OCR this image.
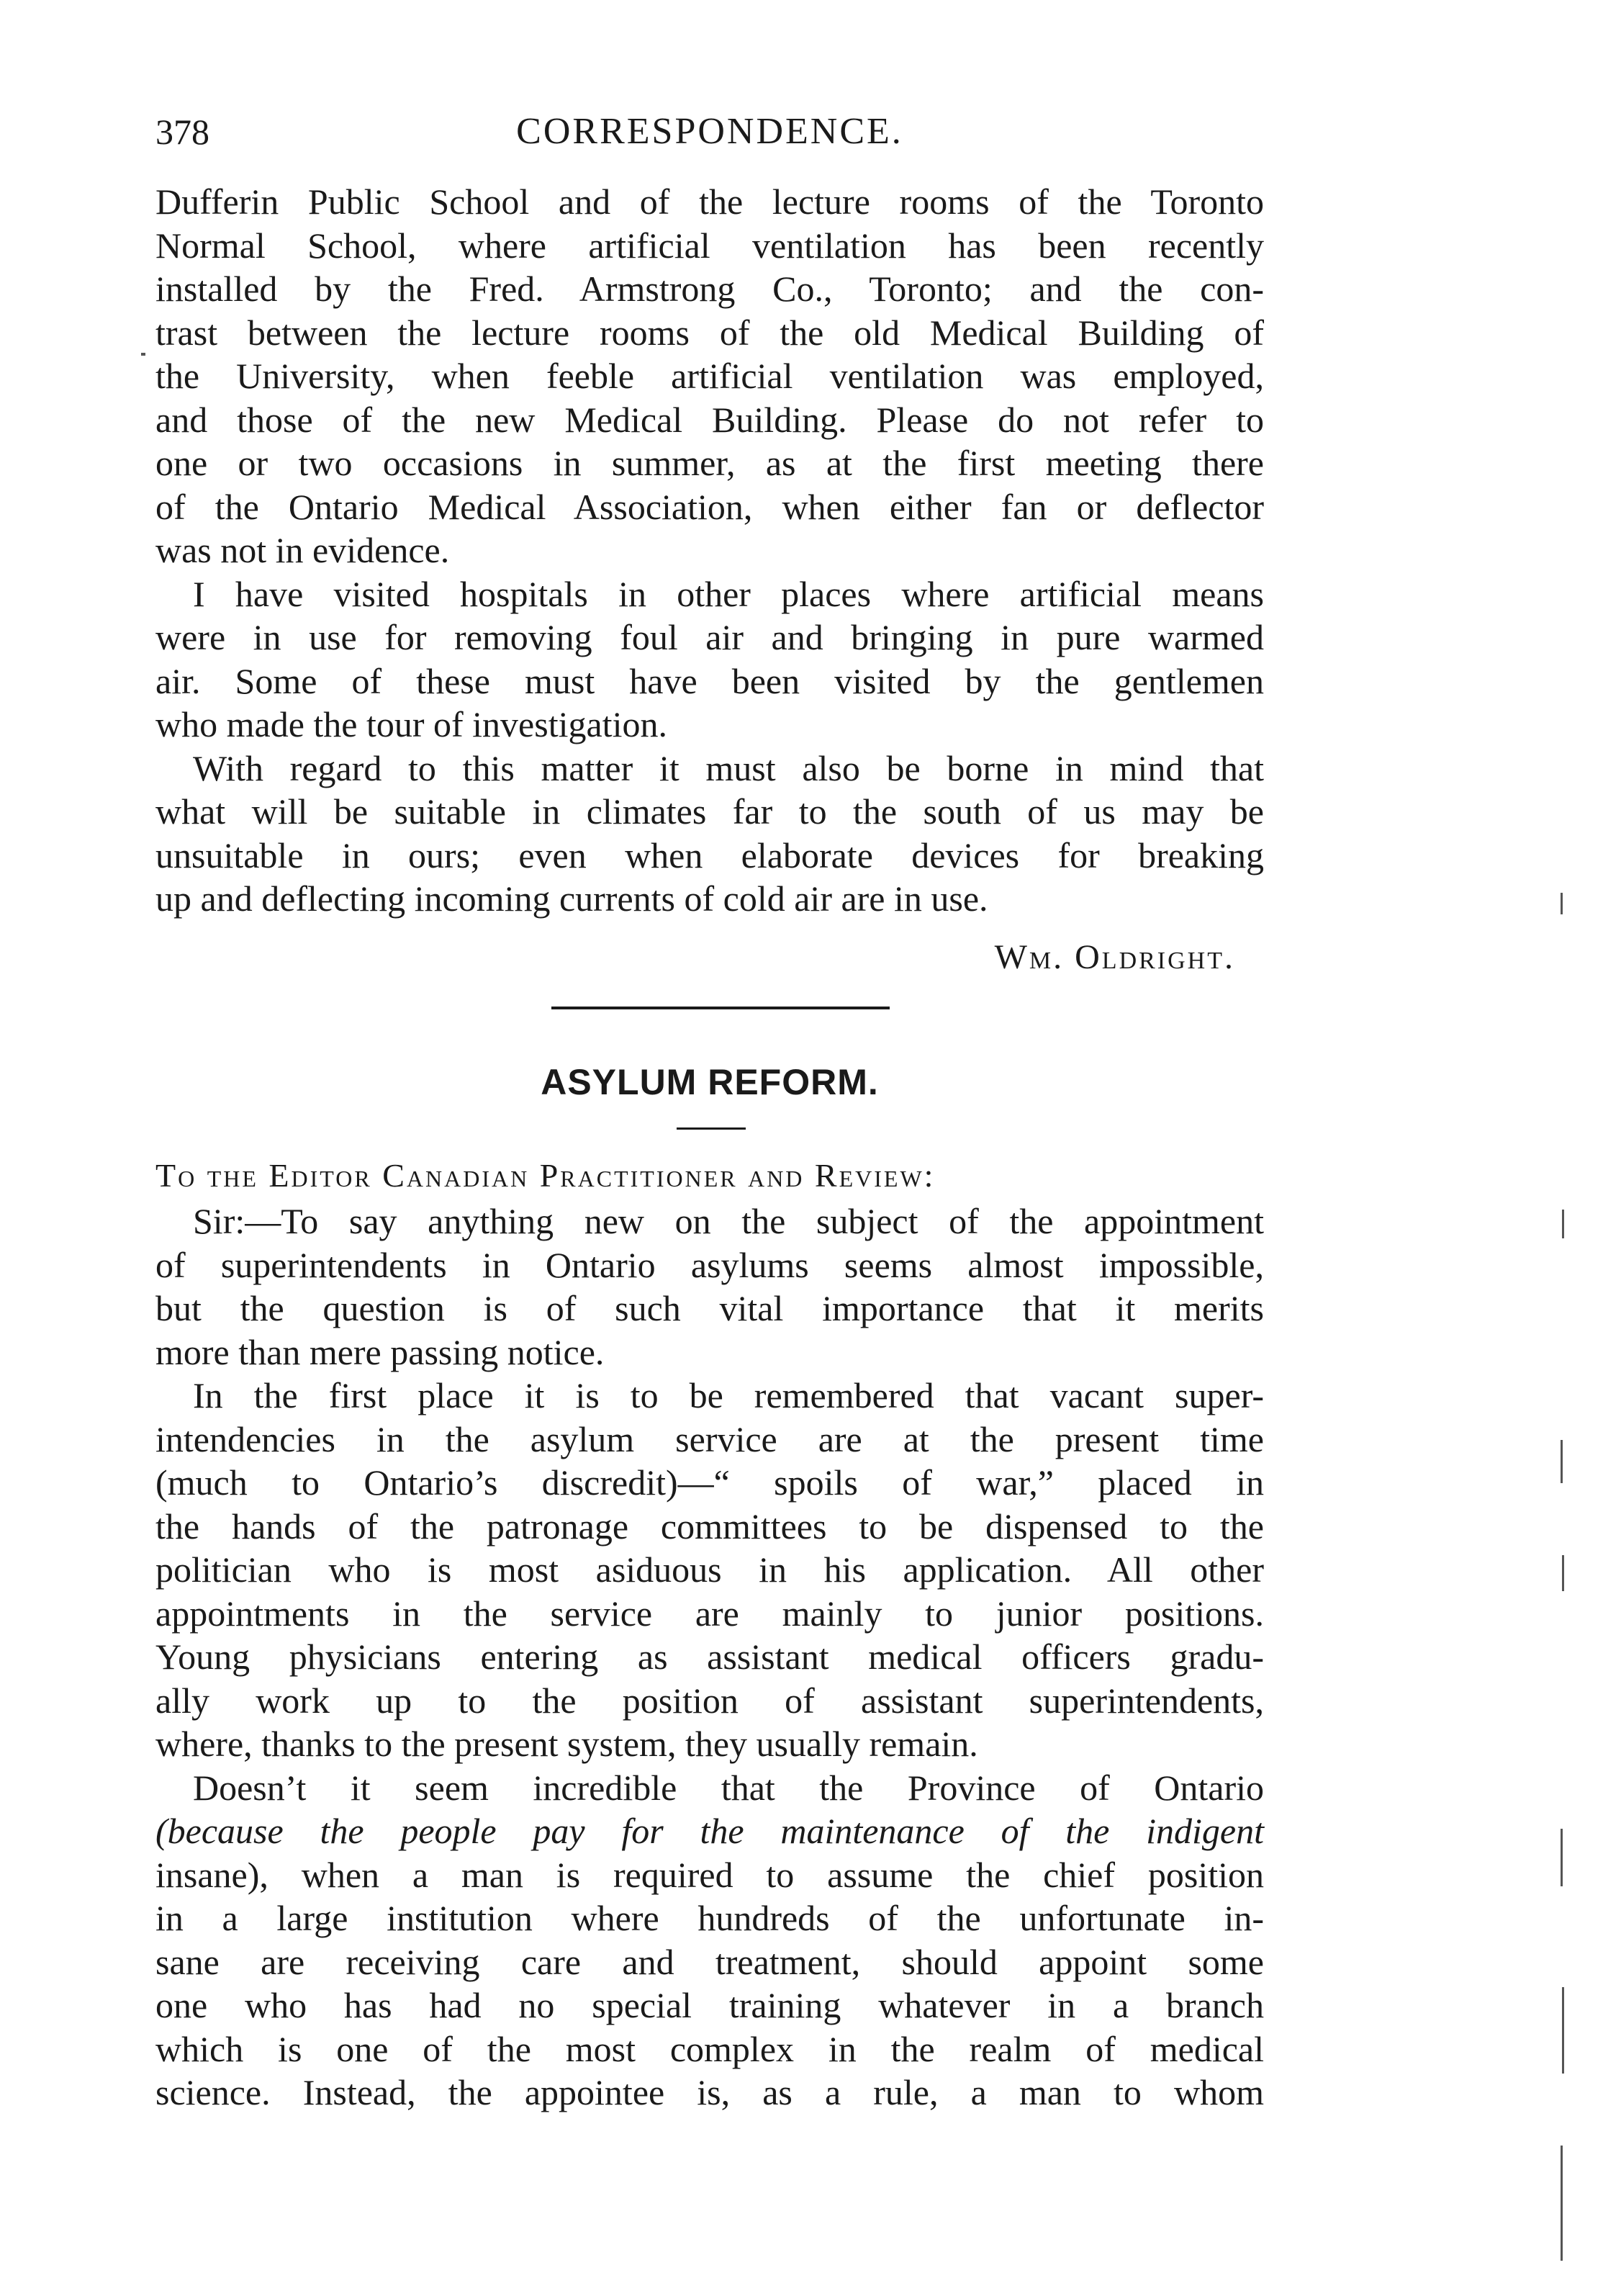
378	CORRESPONDENCE.
Dufferin Public School and of the lecture rooms of the Toronto
Normal School, where artificial ventilation has been recently
installed by the Fred. Armstrong Co., Toronto; and the con-
trast between the lecture rooms of the old Medical Building of
the University, when feeble artificial ventilation was employed,
and those of the new Medical Building. Please do not refer to
one or two occasions in summer, as at the first meeting there
of the Ontario Medical Association, when either fan or deflector
was not in evidence.
I have visited hospitals in other places where artificial means
were in use for removing foul air and bringing in pure warmed
air. Some of these must have been visited by the gentlemen
who made the tour of investigation.
With regard to this matter it must also be borne in mind that
what will be suitable in climates far to the south of us may be
unsuitable in ours; even when elaborate devices for breaking
up and deflecting incoming currents of cold air are in use.
Wm. Oldright.
ASYLUM REFORM.
To the Editor Canadian Practitioner and Review:
Sir:—To say anything new on the subject of the appointment
of superintendents in Ontario asylums seems almost impossible,
but the question is of such vital importance that it merits
more than mere passing notice.
In the first place it is to be remembered that vacant super-
intendencies in the asylum service are at the present time
(much to Ontario’s discredit)—“ spoils of war,” placed in
the hands of the patronage committees to be dispensed to the
politician who is most asiduous in his application. All other
appointments in the service are mainly to junior positions.
Young physicians entering as assistant medical officers gradu-
ally work up to the position of assistant superintendents,
where, thanks to the present system, they usually remain.
Doesn’t it seem incredible that the Province of Ontario
(because the people pay for the maintenance of the indigent
insane), when a man is required to assume the chief position
in a large institution where hundreds of the unfortunate in-
sane are receiving care and treatment, should appoint some
one who has had no special training whatever in a branch
which is one of the most complex in the realm of medical
science. Instead, the appointee is, as a rule, a man to whom
